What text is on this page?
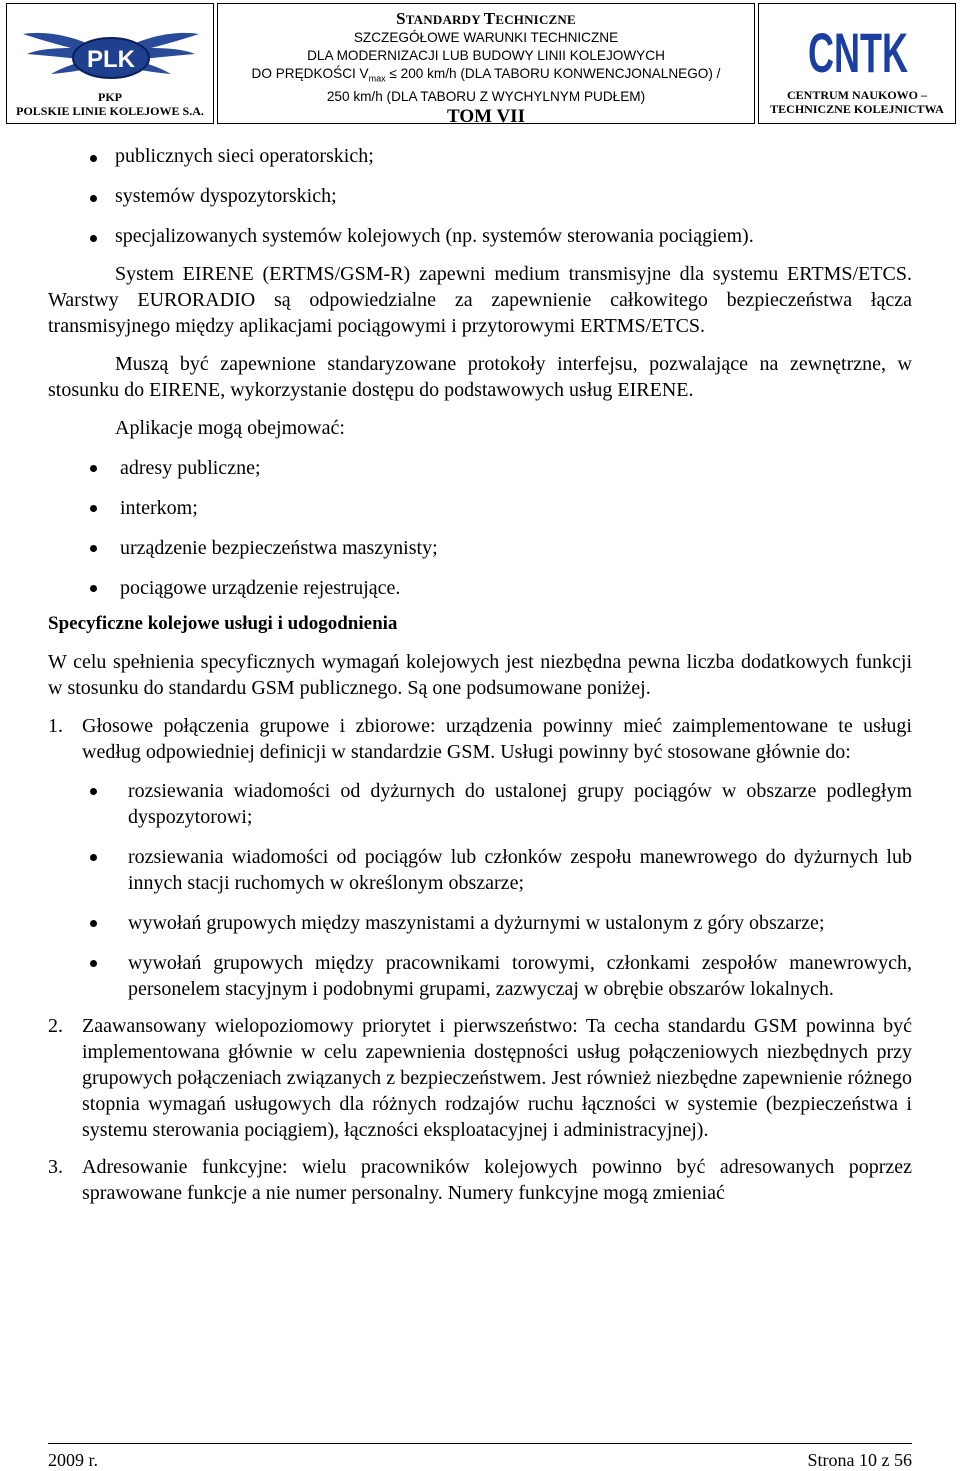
PLK
PKP
POLSKIE LINIE KOLEJOWE S.A.
STANDARDY TECHNICZNE
SZCZEGÓŁOWE WARUNKI TECHNICZNE
DLA MODERNIZACJI LUB BUDOWY LINII KOLEJOWYCH
DO PRĘDKOŚCI $V_{max} \le 200$ km/h (DLA TABORU KONWENCJONALNEGO) /
250 km/h (DLA TABORU Z WYCHYLNYM PUDŁEM)
TOM VII
CNTK
CENTRUM NAUKOWO –
TECHNICZNE KOLEJNICTWA
publicznych sieci operatorskich;
systemów dyspozytorskich;
specjalizowanych systemów kolejowych (np. systemów sterowania pociągiem).

System EIRENE (ERTMS/GSM-R) zapewni medium transmisyjne dla systemu ERTMS/ETCS. Warstwy EURORADIO są odpowiedzialne za zapewnienie całkowitego bezpieczeństwa łącza transmisyjnego między aplikacjami pociągowymi i przytorowymi ERTMS/ETCS.

Muszą być zapewnione standaryzowane protokoły interfejsu, pozwalające na zewnętrzne, w stosunku do EIRENE, wykorzystanie dostępu do podstawowych usług EIRENE.

Aplikacje mogą obejmować:

adresy publiczne;
interkom;
urządzenie bezpieczeństwa maszynisty;
pociągowe urządzenie rejestrujące.

Specyficzne kolejowe usługi i udogodnienia

W celu spełnienia specyficznych wymagań kolejowych jest niezbędna pewna liczba dodatkowych funkcji w stosunku do standardu GSM publicznego. Są one podsumowane poniżej.

1. Głosowe połączenia grupowe i zbiorowe: urządzenia powinny mieć zaimplementowane te usługi według odpowiedniej definicji w standardzie GSM. Usługi powinny być stosowane głównie do:
rozsiewania wiadomości od dyżurnych do ustalonej grupy pociągów w obszarze podległym dyspozytorowi;
rozsiewania wiadomości od pociągów lub członków zespołu manewrowego do dyżurnych lub innych stacji ruchomych w określonym obszarze;
wywołań grupowych między maszynistami a dyżurnymi w ustalonym z góry obszarze;
wywołań grupowych między pracownikami torowymi, członkami zespołów manewrowych, personelem stacyjnym i podobnymi grupami, zazwyczaj w obrębie obszarów lokalnych.
2. Zaawansowany wielopoziomowy priorytet i pierwszeństwo: Ta cecha standardu GSM powinna być implementowana głównie w celu zapewnienia dostępności usług połączeniowych niezbędnych przy grupowych połączeniach związanych z bezpieczeństwem. Jest również niezbędne zapewnienie różnego stopnia wymagań usługowych dla różnych rodzajów ruchu łączności w systemie (bezpieczeństwa i systemu sterowania pociągiem), łączności eksploatacyjnej i administracyjnej).
3. Adresowanie funkcyjne: wielu pracowników kolejowych powinno być adresowanych poprzez sprawowane funkcje a nie numer personalny. Numery funkcyjne mogą zmieniać
2009 r.	Strona 10 z 56
